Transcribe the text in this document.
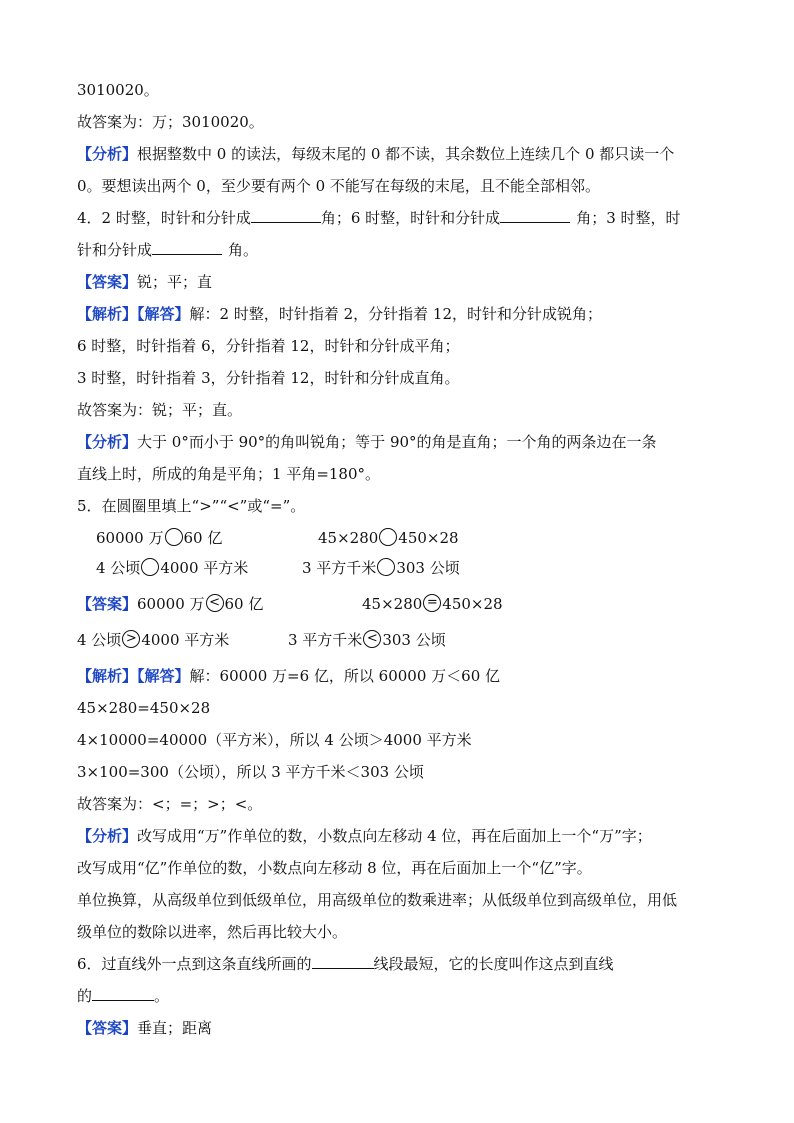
3010020。
故答案为：万；3010020。
【分析】根据整数中 0 的读法，每级末尾的 0 都不读，其余数位上连续几个 0 都只读一个
0。要想读出两个 0，至少要有两个 0 不能写在每级的末尾，且不能全部相邻。
4．2 时整，时针和分针成	角；6 时整，时针和分针成	角；3 时整，时
针和分针成	角。
【答案】锐；平；直
【解析】【解答】解：2 时整，时针指着 2，分针指着 12，时针和分针成锐角；
6 时整，时针指着 6，分针指着 12，时针和分针成平角；
3 时整，时针指着 3，分针指着 12，时针和分针成直角。
故答案为：锐；平；直。
【分析】大于 0°而小于 90°的角叫锐角；等于 90°的角是直角；一个角的两条边在一条
直线上时，所成的角是平角；1 平角=180°。
5．在圆圈里填上“>”“<”或“=”。
60000 万 60 亿	45×280 450×28
4 公顷 4000 平方米	3 平方千米 303 公顷
【答案】60000 万 < 60 亿	45×280 = 450×28
4 公顷 > 4000 平方米	3 平方千米 < 303 公顷
【解析】【解答】解：60000 万=6 亿，所以 60000 万＜60 亿
45×280=450×28
4×10000=40000（平方米），所以 4 公顷＞4000 平方米
3×100=300（公顷），所以 3 平方千米＜303 公顷
故答案为：<；=；>；<。
【分析】改写成用“万”作单位的数，小数点向左移动 4 位，再在后面加上一个“万”字；
改写成用“亿”作单位的数，小数点向左移动 8 位，再在后面加上一个“亿”字。
单位换算，从高级单位到低级单位，用高级单位的数乘进率；从低级单位到高级单位，用低
级单位的数除以进率，然后再比较大小。
6．过直线外一点到这条直线所画的	线段最短，它的长度叫作这点到直线
的	。
【答案】垂直；距离
